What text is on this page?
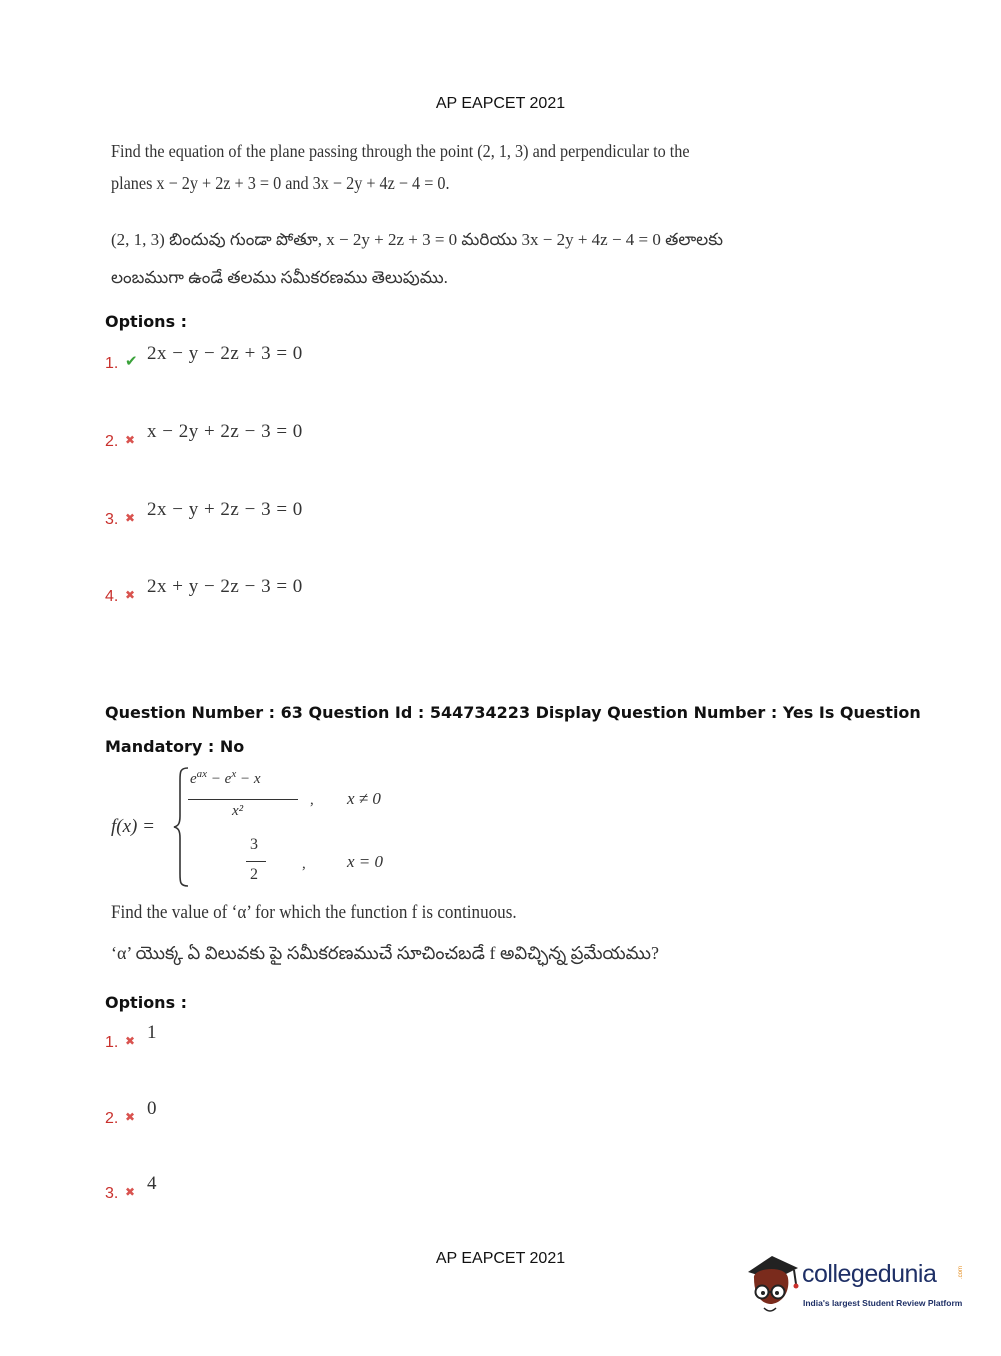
AP EAPCET 2021
Find the equation of the plane passing through the point (2, 1, 3) and perpendicular to the
planes x − 2y + 2z + 3 = 0 and 3x − 2y + 4z − 4 = 0.
(2, 1, 3) బిందువు గుండా పోతూ, x − 2y + 2z + 3 = 0 మరియు 3x − 2y + 4z − 4 = 0 తలాలకు
లంబముగా ఉండే తలము సమీకరణము తెలుపుము.
Options :
1. ✔ 2x − y − 2z + 3 = 0
2. ✖ x − 2y + 2z − 3 = 0
3. ✖ 2x − y + 2z − 3 = 0
4. ✖ 2x + y − 2z − 3 = 0
Question Number : 63 Question Id : 544734223 Display Question Number : Yes Is Question
Mandatory : No
f(x) =
$e^{ax} - e^x - x$
x²
, x ≠ 0
3
2
, x = 0
Find the value of ‘α’ for which the function f is continuous.
‘α’ యొక్క ఏ విలువకు పై సమీకరణముచే సూచించబడే f అవిచ్ఛిన్న ప్రమేయము?
Options :
1. ✖ 1
2. ✖ 0
3. ✖ 4
AP EAPCET 2021
collegedunia	.com
India's largest Student Review Platform
